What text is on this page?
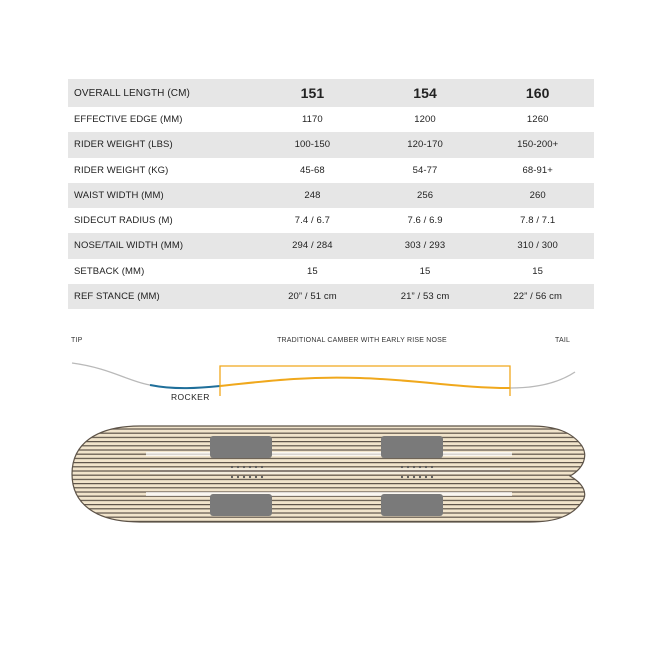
OVERALL LENGTH (CM)	151	154	160
EFFECTIVE EDGE (MM)	1170	1200	1260
RIDER WEIGHT (LBS)	100-150	120-170	150-200+
RIDER WEIGHT (KG)	45-68	54-77	68-91+
WAIST WIDTH (MM)	248	256	260
SIDECUT RADIUS (M)	7.4 / 6.7	7.6 / 6.9	7.8 / 7.1
NOSE/TAIL WIDTH (MM)	294 / 284	303 / 293	310 / 300
SETBACK (MM)	15	15	15
REF STANCE (MM)	20” / 51 cm	21” / 53 cm	22” / 56 cm
TIP	TRADITIONAL CAMBER WITH EARLY RISE NOSE	TAIL
ROCKER
